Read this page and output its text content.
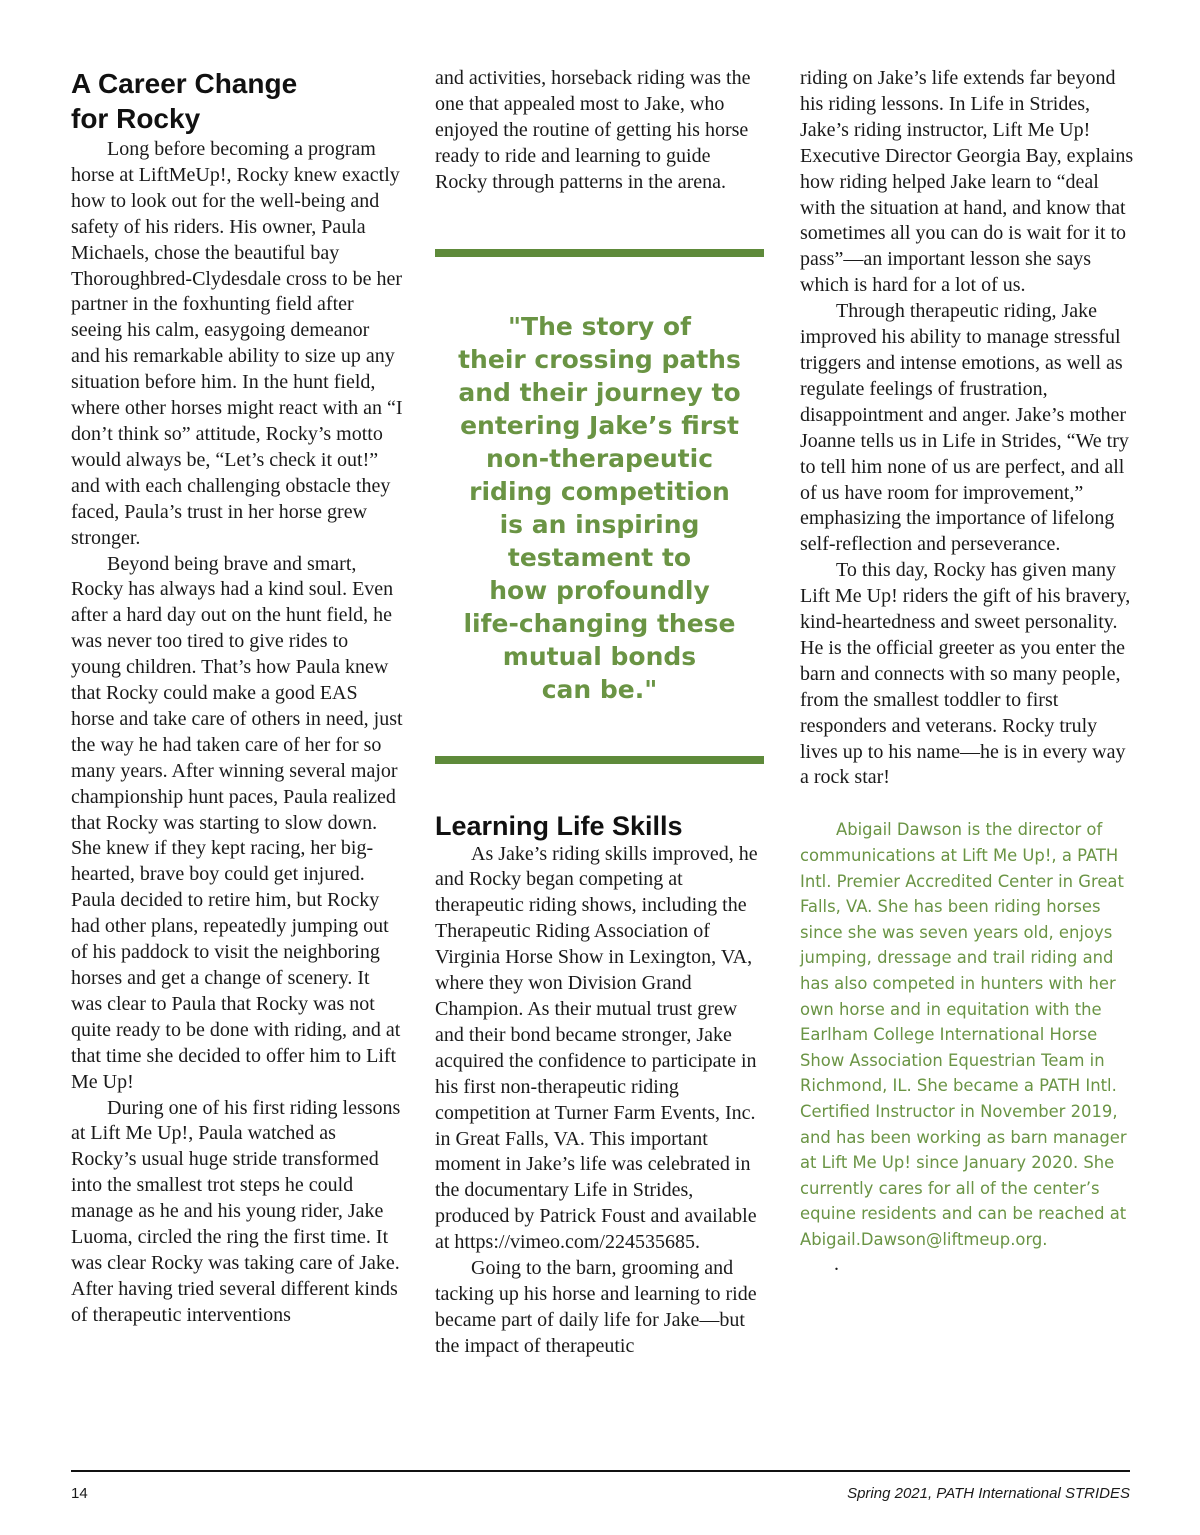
A Career Change
for Rocky

Long before becoming a program horse at LiftMeUp!, Rocky knew exactly how to look out for the well-being and safety of his riders. His owner, Paula Michaels, chose the beautiful bay Thoroughbred-Clydesdale cross to be her partner in the foxhunting field after seeing his calm, easygoing demeanor and his remarkable ability to size up any situation before him. In the hunt field, where other horses might react with an “I don’t think so” attitude, Rocky’s motto would always be, “Let’s check it out!” and with each challenging obstacle they faced, Paula’s trust in her horse grew stronger.

Beyond being brave and smart, Rocky has always had a kind soul. Even after a hard day out on the hunt field, he was never too tired to give rides to young children. That’s how Paula knew that Rocky could make a good EAS horse and take care of others in need, just the way he had taken care of her for so many years. After winning several major championship hunt paces, Paula realized that Rocky was starting to slow down. She knew if they kept racing, her big-hearted, brave boy could get injured. Paula decided to retire him, but Rocky had other plans, repeatedly jumping out of his paddock to visit the neighboring horses and get a change of scenery. It was clear to Paula that Rocky was not quite ready to be done with riding, and at that time she decided to offer him to Lift Me Up!

During one of his first riding lessons at Lift Me Up!, Paula watched as Rocky’s usual huge stride transformed into the smallest trot steps he could manage as he and his young rider, Jake Luoma, circled the ring the first time. It was clear Rocky was taking care of Jake. After having tried several different kinds of therapeutic interventions

and activities, horseback riding was the one that appealed most to Jake, who enjoyed the routine of getting his horse ready to ride and learning to guide Rocky through patterns in the arena.

"The story of
their crossing paths
and their journey to
entering Jake’s first
non-therapeutic
riding competition
is an inspiring
testament to
how profoundly
life-changing these
mutual bonds
can be."
Learning Life Skills

As Jake’s riding skills improved, he and Rocky began competing at therapeutic riding shows, including the Therapeutic Riding Association of Virginia Horse Show in Lexington, VA, where they won Division Grand Champion. As their mutual trust grew and their bond became stronger, Jake acquired the confidence to participate in his first non-therapeutic riding competition at Turner Farm Events, Inc. in Great Falls, VA. This important moment in Jake’s life was celebrated in the documentary Life in Strides, produced by Patrick Foust and available at https://vimeo.com/224535685.

Going to the barn, grooming and tacking up his horse and learning to ride became part of daily life for Jake—but the impact of therapeutic

riding on Jake’s life extends far beyond his riding lessons. In Life in Strides, Jake’s riding instructor, Lift Me Up! Executive Director Georgia Bay, explains how riding helped Jake learn to “deal with the situation at hand, and know that sometimes all you can do is wait for it to pass”—an important lesson she says which is hard for a lot of us.

Through therapeutic riding, Jake improved his ability to manage stressful triggers and intense emotions, as well as regulate feelings of frustration, disappointment and anger. Jake’s mother Joanne tells us in Life in Strides, “We try to tell him none of us are perfect, and all of us have room for improvement,” emphasizing the importance of lifelong self-reflection and perseverance.

To this day, Rocky has given many Lift Me Up! riders the gift of his bravery, kind-heartedness and sweet personality. He is the official greeter as you enter the barn and connects with so many people, from the smallest toddler to first responders and veterans. Rocky truly lives up to his name—he is in every way a rock star!

Abigail Dawson is the director of communications at Lift Me Up!, a PATH Intl. Premier Accredited Center in Great Falls, VA. She has been riding horses since she was seven years old, enjoys jumping, dressage and trail riding and has also competed in hunters with her own horse and in equitation with the Earlham College International Horse Show Association Equestrian Team in Richmond, IL. She became a PATH Intl. Certified Instructor in November 2019, and has been working as barn manager at Lift Me Up! since January 2020. She currently cares for all of the center’s equine residents and can be reached at Abigail.Dawson@liftmeup.org.

.

14	Spring 2021, PATH International STRIDES
